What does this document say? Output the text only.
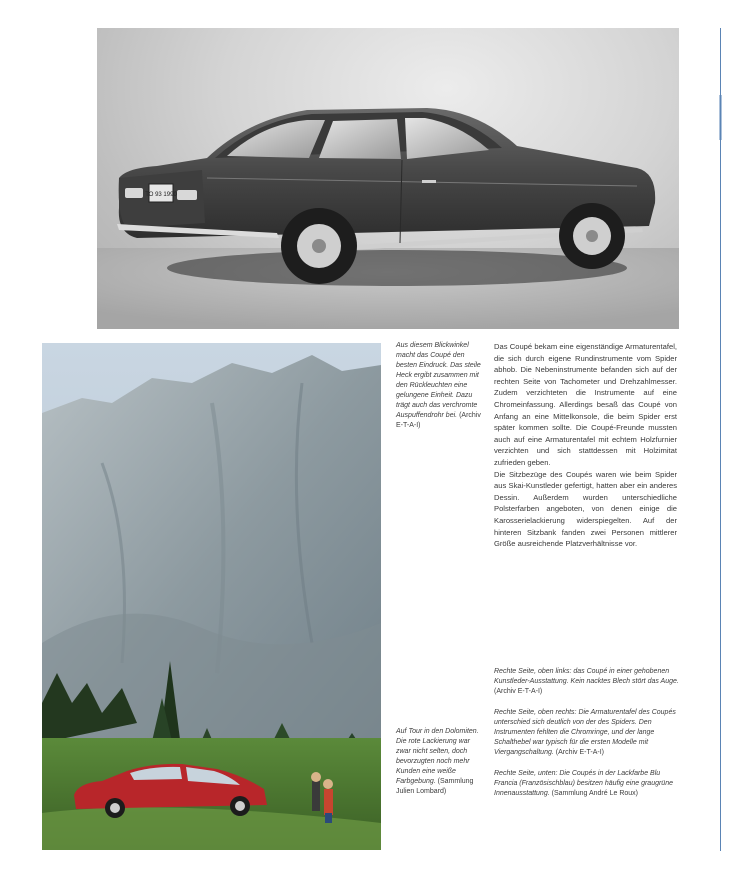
TO 93 1990

Aus diesem Blickwinkel macht das Coupé den besten Eindruck. Das steile Heck ergibt zusammen mit den Rückleuchten eine gelungene Einheit. Dazu trägt auch das verchromte Auspuffendrohr bei. (Archiv E-T-A-I)

Auf Tour in den Dolomiten. Die rote Lackierung war zwar nicht selten, doch bevorzugten noch mehr Kunden eine weiße Farbgebung. (Sammlung Julien Lombard)

Das Coupé bekam eine eigenständige Armaturentafel, die sich durch eigene Rundinstrumente vom Spider abhob. Die Nebeninstrumente befanden sich auf der rechten Seite von Tachometer und Drehzahlmesser. Zudem verzichteten die Instrumente auf eine Chromeinfassung. Allerdings besaß das Coupé von Anfang an eine Mittelkonsole, die beim Spider erst später kommen sollte. Die Coupé-Freunde mussten auch auf eine Armaturentafel mit echtem Holzfurnier verzichten und sich stattdessen mit Holzimitat zufrieden geben.

Die Sitzbezüge des Coupés waren wie beim Spider aus Skai-Kunstleder gefertigt, hatten aber ein anderes Dessin. Außerdem wurden unterschiedliche Polsterfarben angeboten, von denen einige die Karosserielackierung widerspiegelten. Auf der hinteren Sitzbank fanden zwei Personen mittlerer Größe ausreichende Platzverhältnisse vor.

Rechte Seite, oben links: das Coupé in einer gehobenen Kunstleder-Ausstattung. Kein nacktes Blech stört das Auge. (Archiv E-T-A-I)

Rechte Seite, oben rechts: Die Armaturentafel des Coupés unterschied sich deutlich von der des Spiders. Den Instrumenten fehlten die Chromringe, und der lange Schalthebel war typisch für die ersten Modelle mit Viergangschaltung. (Archiv E-T-A-I)

Rechte Seite, unten: Die Coupés in der Lackfarbe Blu Francia (Französischblau) besitzen häufig eine graugrüne Innenausstattung. (Sammlung André Le Roux)
